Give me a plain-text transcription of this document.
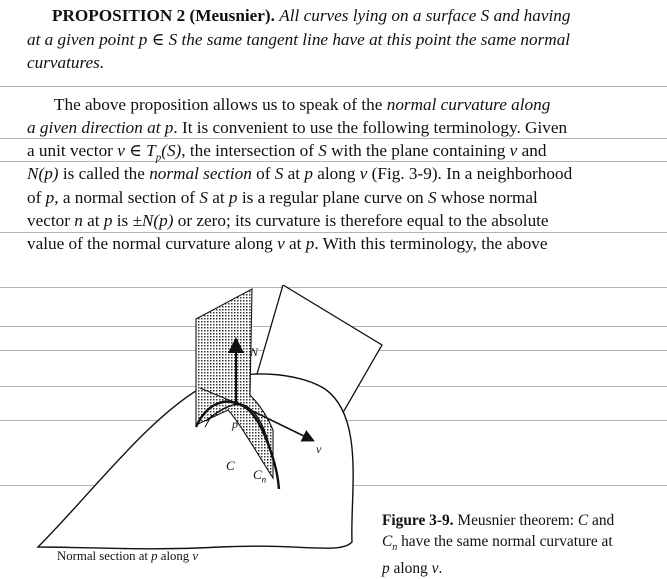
PROPOSITION 2 (Meusnier). All curves lying on a surface S and having
at a given point p ∈ S the same tangent line have at this point the same normal
curvatures.
The above proposition allows us to speak of the normal curvature along
a given direction at p. It is convenient to use the following terminology. Given
a unit vector v ∈ $T_p(S)$, the intersection of S with the plane containing v and
N(p) is called the normal section of S at p along v (Fig. 3-9). In a neighborhood
of p, a normal section of S at p is a regular plane curve on S whose normal
vector n at p is ±N(p) or zero; its curvature is therefore equal to the absolute
value of the normal curvature along v at p. With this terminology, the above
N
p
v
C
$C_n$
Normal section at p along v
Figure 3-9. Meusnier theorem: C and
$C_n$ have the same normal curvature at
p along v.
